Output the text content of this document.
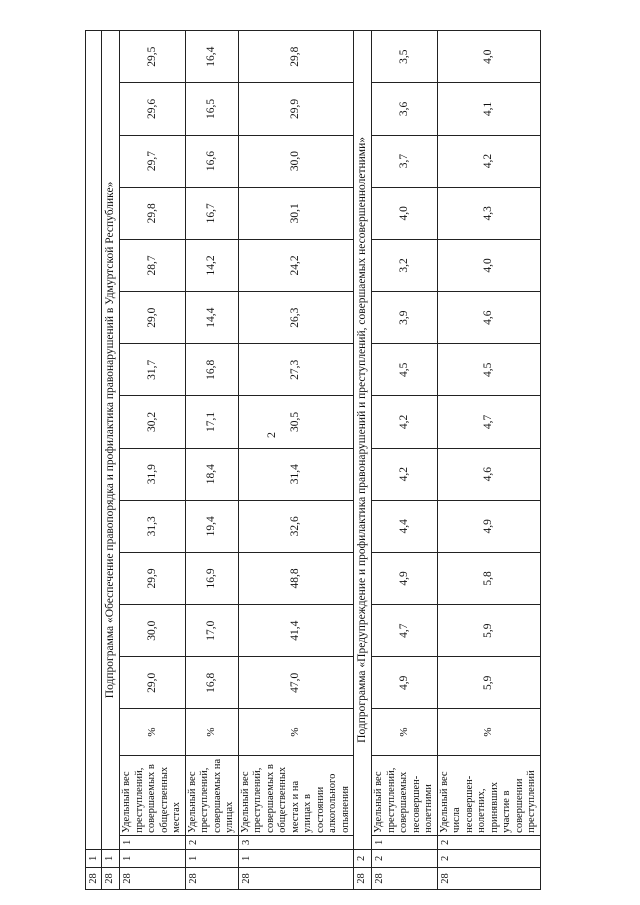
2
28	1																
28	1	Подпрограмма «Обеспечение правопорядка и профилактика правонарушений в Удмуртской Республике»															
28	1	1	Удельный вес преступлений, совершаемых в общественных местах	%	29,0	30,0	29,9	31,3	31,9	30,2	31,7	29,0	28,7	29,8	29,7	29,6	29,5
28	1	2	Удельный вес преступлений, совершаемых на улицах	%	16,8	17,0	16,9	19,4	18,4	17,1	16,8	14,4	14,2	16,7	16,6	16,5	16,4
28	1	3	Удельный вес преступлений, совершаемых в общественных местах и на улицах в состоянии алкогольного опьянения	%	47,0	41,4	48,8	32,6	31,4	30,5	27,3	26,3	24,2	30,1	30,0	29,9	29,8
28	2	Подпрограмма «Предупреждение и профилактика правонарушений и преступлений, совершаемых несовершеннолетними»															
28	2	1	Удельный вес преступлений, совершаемых несовершен- нолетними	%	4,9	4,7	4,9	4,4	4,2	4,2	4,5	3,9	3,2	4,0	3,7	3,6	3,5
28	2	2	Удельный вес числа несовершен- нолетних, принявших участие в совершении преступлений	%	5,9	5,9	5,8	4,9	4,6	4,7	4,5	4,6	4,0	4,3	4,2	4,1	4,0
